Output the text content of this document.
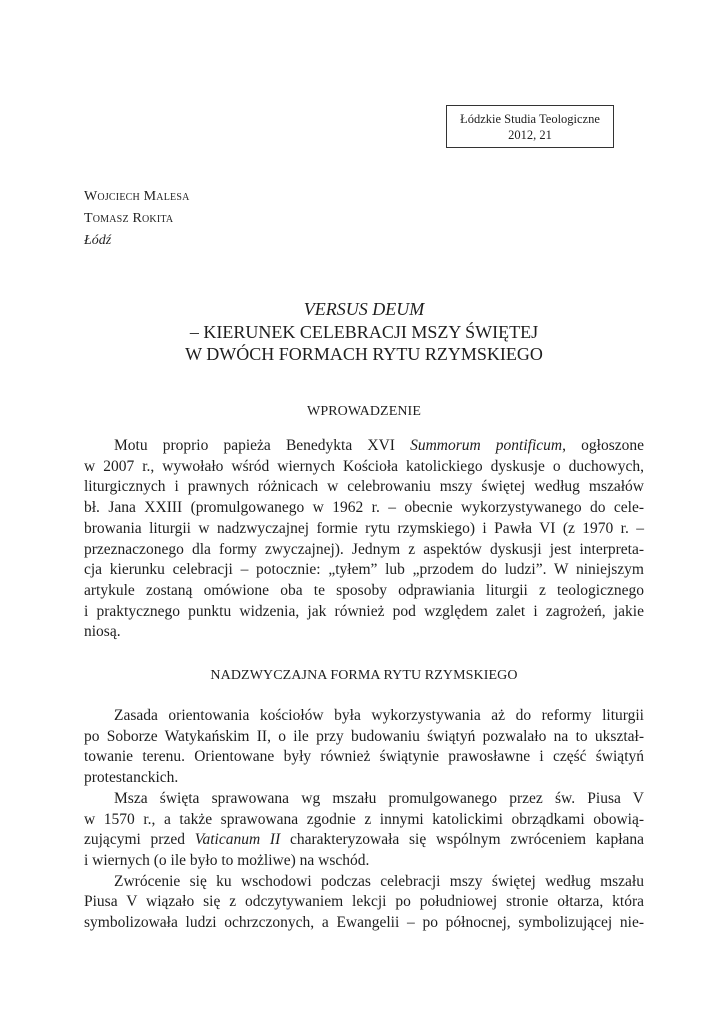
Łódzkie Studia Teologiczne
2012, 21
Wojciech Malesa
Tomasz Rokita
Łódź
VERSUS DEUM
– KIERUNEK CELEBRACJI MSZY ŚWIĘTEJ
W DWÓCH FORMACH RYTU RZYMSKIEGO
WPROWADZENIE
Motu proprio papieża Benedykta XVI Summorum pontificum, ogłoszone
w 2007 r., wywołało wśród wiernych Kościoła katolickiego dyskusje o duchowych,
liturgicznych i prawnych różnicach w celebrowaniu mszy świętej według mszałów
bł. Jana XXIII (promulgowanego w 1962 r. – obecnie wykorzystywanego do cele-
browania liturgii w nadzwyczajnej formie rytu rzymskiego) i Pawła VI (z 1970 r. –
przeznaczonego dla formy zwyczajnej). Jednym z aspektów dyskusji jest interpreta-
cja kierunku celebracji – potocznie: „tyłem” lub „przodem do ludzi”. W niniejszym
artykule zostaną omówione oba te sposoby odprawiania liturgii z teologicznego
i praktycznego punktu widzenia, jak również pod względem zalet i zagrożeń, jakie
niosą.
NADZWYCZAJNA FORMA RYTU RZYMSKIEGO
Zasada orientowania kościołów była wykorzystywania aż do reformy liturgii
po Soborze Watykańskim II, o ile przy budowaniu świątyń pozwalało na to ukształ-
towanie terenu. Orientowane były również świątynie prawosławne i część świątyń
protestanckich.
Msza święta sprawowana wg mszału promulgowanego przez św. Piusa V
w 1570 r., a także sprawowana zgodnie z innymi katolickimi obrządkami obowią-
zującymi przed Vaticanum II charakteryzowała się wspólnym zwróceniem kapłana
i wiernych (o ile było to możliwe) na wschód.
Zwrócenie się ku wschodowi podczas celebracji mszy świętej według mszału
Piusa V wiązało się z odczytywaniem lekcji po południowej stronie ołtarza, która
symbolizowała ludzi ochrzczonych, a Ewangelii – po północnej, symbolizującej nie-
